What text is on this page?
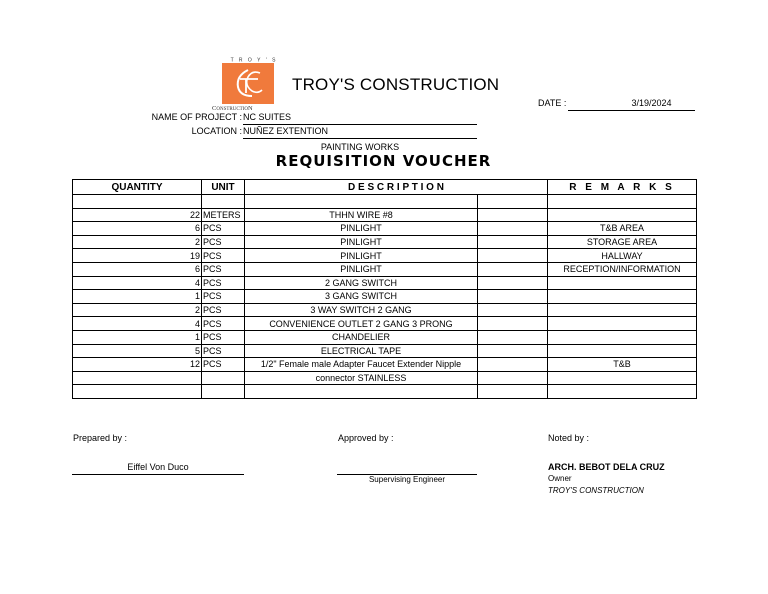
T R O Y ' S
CONSTRUCTION
TROY'S CONSTRUCTION
DATE :	3/19/2024
NAME OF PROJECT : NC SUITES
LOCATION : NUÑEZ EXTENTION
PAINTING WORKS
REQUISITION VOUCHER
QUANTITY	UNIT	D E S C R I P T I O N		R E M A R K S

22	METERS	THHN WIRE #8		
6	PCS	PINLIGHT		T&B AREA
2	PCS	PINLIGHT		STORAGE AREA
19	PCS	PINLIGHT		HALLWAY
6	PCS	PINLIGHT		RECEPTION/INFORMATION
4	PCS	2 GANG SWITCH		
1	PCS	3 GANG SWITCH		
2	PCS	3 WAY SWITCH 2 GANG		
4	PCS	CONVENIENCE OUTLET 2 GANG 3 PRONG		
1	PCS	CHANDELIER		
5	PCS	ELECTRICAL TAPE		
12	PCS	1/2" Female male Adapter Faucet Extender Nipple		T&B
		connector STAINLESS		

Prepared by :
Eiffel Von Duco
Approved by :
Supervising Engineer
Noted by :
ARCH. BEBOT DELA CRUZ
Owner
TROY'S CONSTRUCTION
